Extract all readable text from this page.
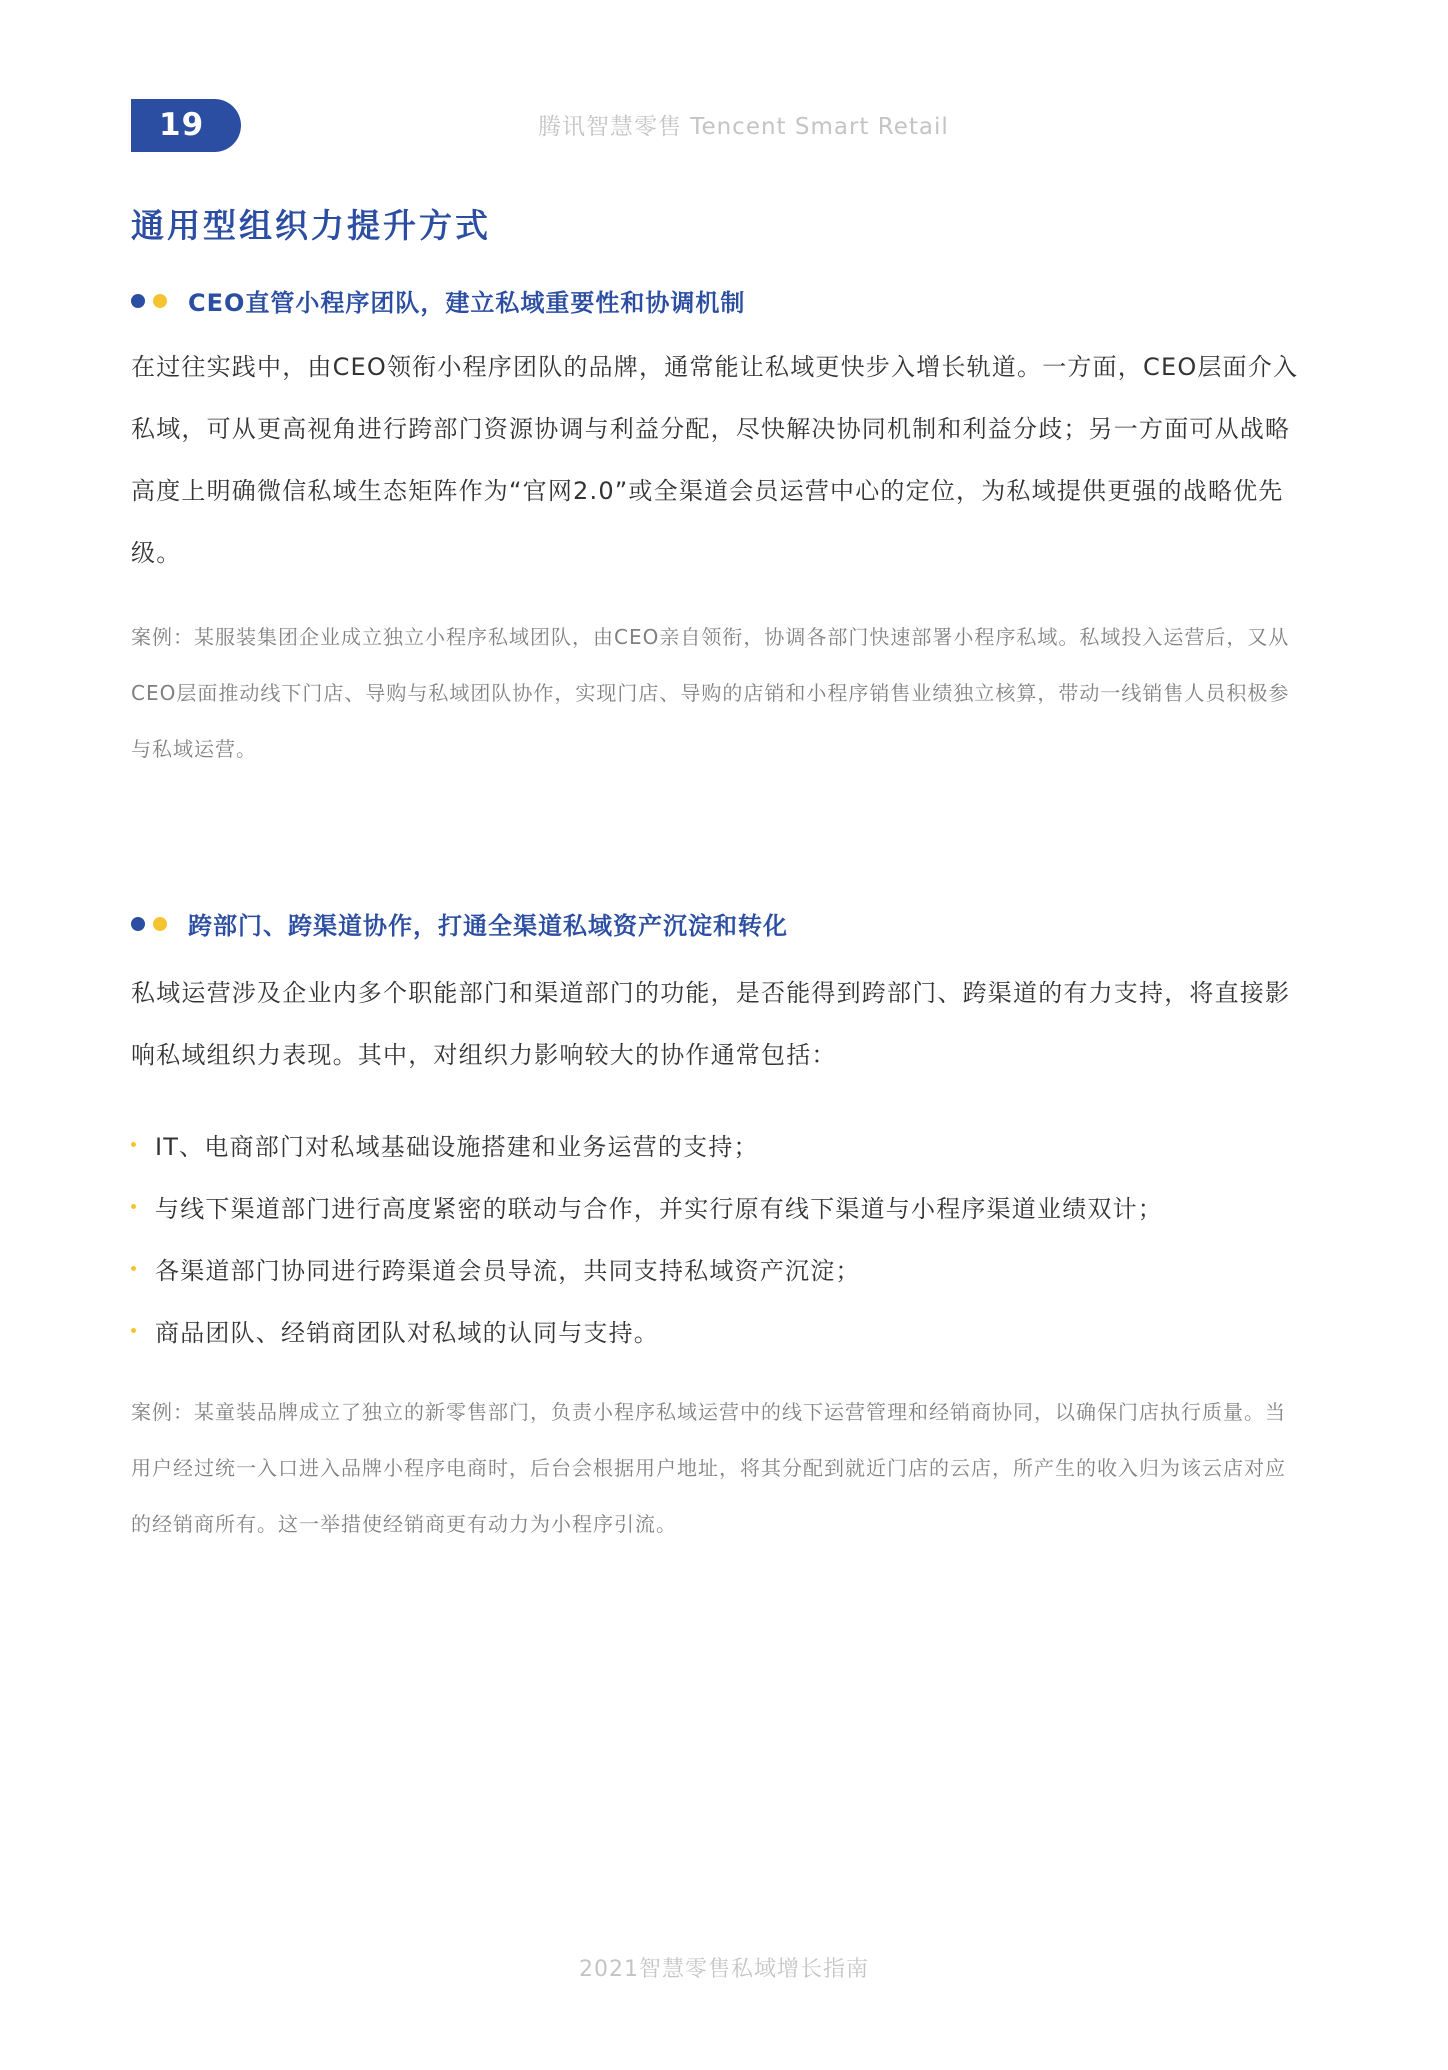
19	腾讯智慧零售 Tencent Smart Retail
通用型组织力提升方式
CEO直管小程序团队，建立私域重要性和协调机制

在过往实践中，由CEO领衔小程序团队的品牌，通常能让私域更快步入增长轨道。一方面，CEO层面介入私域，可从更高视角进行跨部门资源协调与利益分配，尽快解决协同机制和利益分歧；另一方面可从战略高度上明确微信私域生态矩阵作为“官网2.0”或全渠道会员运营中心的定位，为私域提供更强的战略优先级。

案例：某服装集团企业成立独立小程序私域团队，由CEO亲自领衔，协调各部门快速部署小程序私域。私域投入运营后，又从CEO层面推动线下门店、导购与私域团队协作，实现门店、导购的店销和小程序销售业绩独立核算，带动一线销售人员积极参与私域运营。

跨部门、跨渠道协作，打通全渠道私域资产沉淀和转化

私域运营涉及企业内多个职能部门和渠道部门的功能，是否能得到跨部门、跨渠道的有力支持，将直接影响私域组织力表现。其中，对组织力影响较大的协作通常包括：

IT、电商部门对私域基础设施搭建和业务运营的支持；
与线下渠道部门进行高度紧密的联动与合作，并实行原有线下渠道与小程序渠道业绩双计；
各渠道部门协同进行跨渠道会员导流，共同支持私域资产沉淀；
商品团队、经销商团队对私域的认同与支持。

案例：某童装品牌成立了独立的新零售部门，负责小程序私域运营中的线下运营管理和经销商协同，以确保门店执行质量。当用户经过统一入口进入品牌小程序电商时，后台会根据用户地址，将其分配到就近门店的云店，所产生的收入归为该云店对应的经销商所有。这一举措使经销商更有动力为小程序引流。

2021智慧零售私域增长指南
